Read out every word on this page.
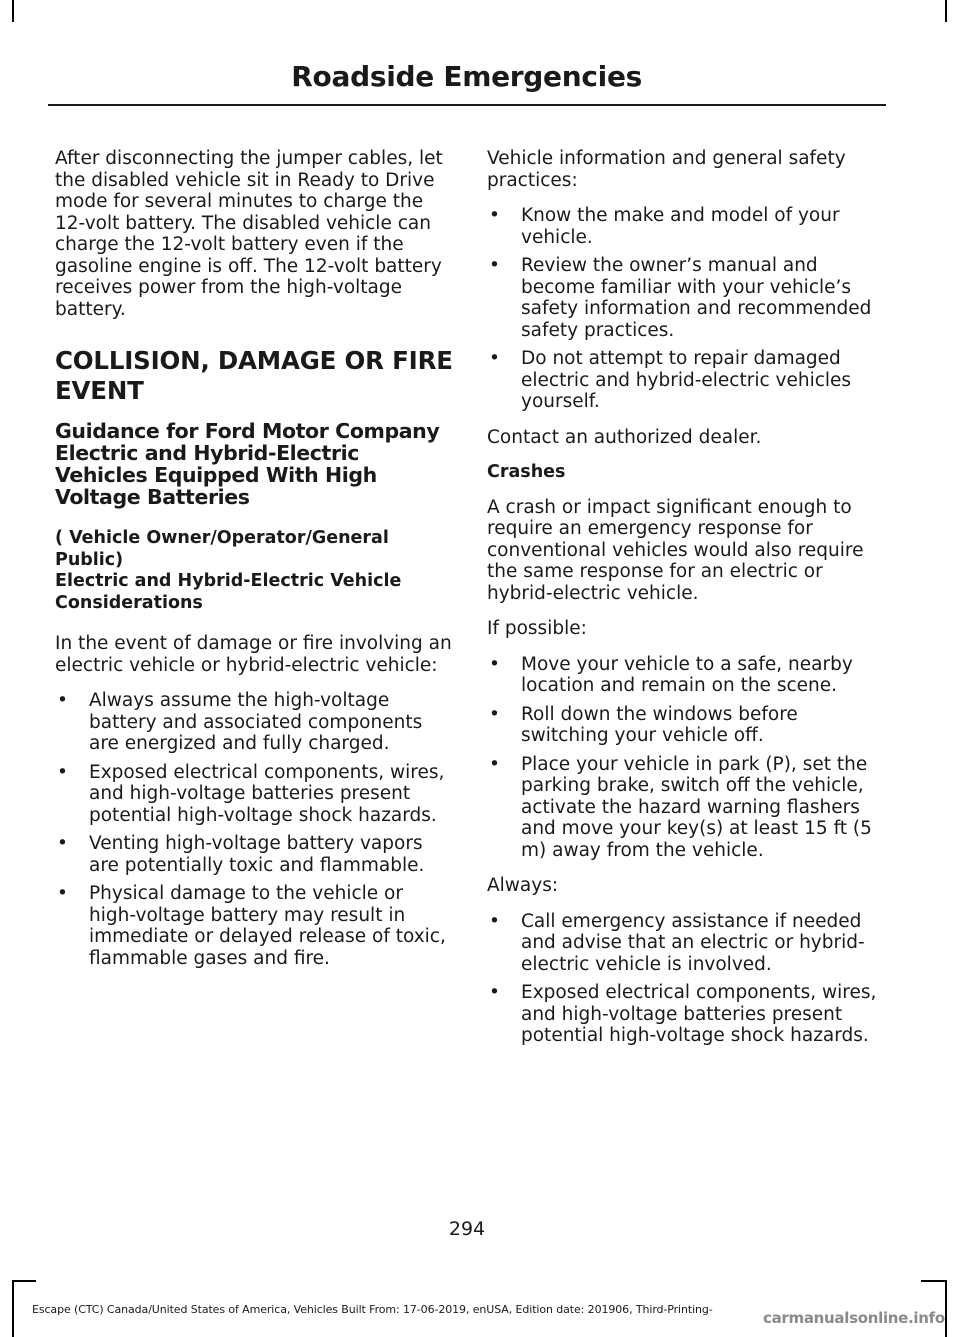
Roadside Emergencies

After disconnecting the jumper cables, let the disabled vehicle sit in Ready to Drive mode for several minutes to charge the 12-volt battery. The disabled vehicle can charge the 12-volt battery even if the gasoline engine is off. The 12-volt battery receives power from the high-voltage battery.

COLLISION, DAMAGE OR FIRE EVENT
Guidance for Ford Motor Company Electric and Hybrid-Electric Vehicles Equipped With High Voltage Batteries
( Vehicle Owner/Operator/General Public)
Electric and Hybrid-Electric Vehicle Considerations

In the event of damage or fire involving an electric vehicle or hybrid-electric vehicle:

• Always assume the high-voltage battery and associated components are energized and fully charged.
• Exposed electrical components, wires, and high-voltage batteries present potential high-voltage shock hazards.
• Venting high-voltage battery vapors are potentially toxic and flammable.
• Physical damage to the vehicle or high-voltage battery may result in immediate or delayed release of toxic, flammable gases and fire.

Vehicle information and general safety practices:

• Know the make and model of your vehicle.
• Review the owner’s manual and become familiar with your vehicle’s safety information and recommended safety practices.
• Do not attempt to repair damaged electric and hybrid-electric vehicles yourself.

Contact an authorized dealer.

Crashes

A crash or impact significant enough to require an emergency response for conventional vehicles would also require the same response for an electric or hybrid-electric vehicle.

If possible:

• Move your vehicle to a safe, nearby location and remain on the scene.
• Roll down the windows before switching your vehicle off.
• Place your vehicle in park (P), set the parking brake, switch off the vehicle, activate the hazard warning flashers and move your key(s) at least 15 ft (5 m) away from the vehicle.

Always:

• Call emergency assistance if needed and advise that an electric or hybrid-electric vehicle is involved.
• Exposed electrical components, wires, and high-voltage batteries present potential high-voltage shock hazards.
294
Escape (CTC) Canada/United States of America, Vehicles Built From: 17-06-2019, enUSA, Edition date: 201906, Third-Printing-	carmanualsonline.info
